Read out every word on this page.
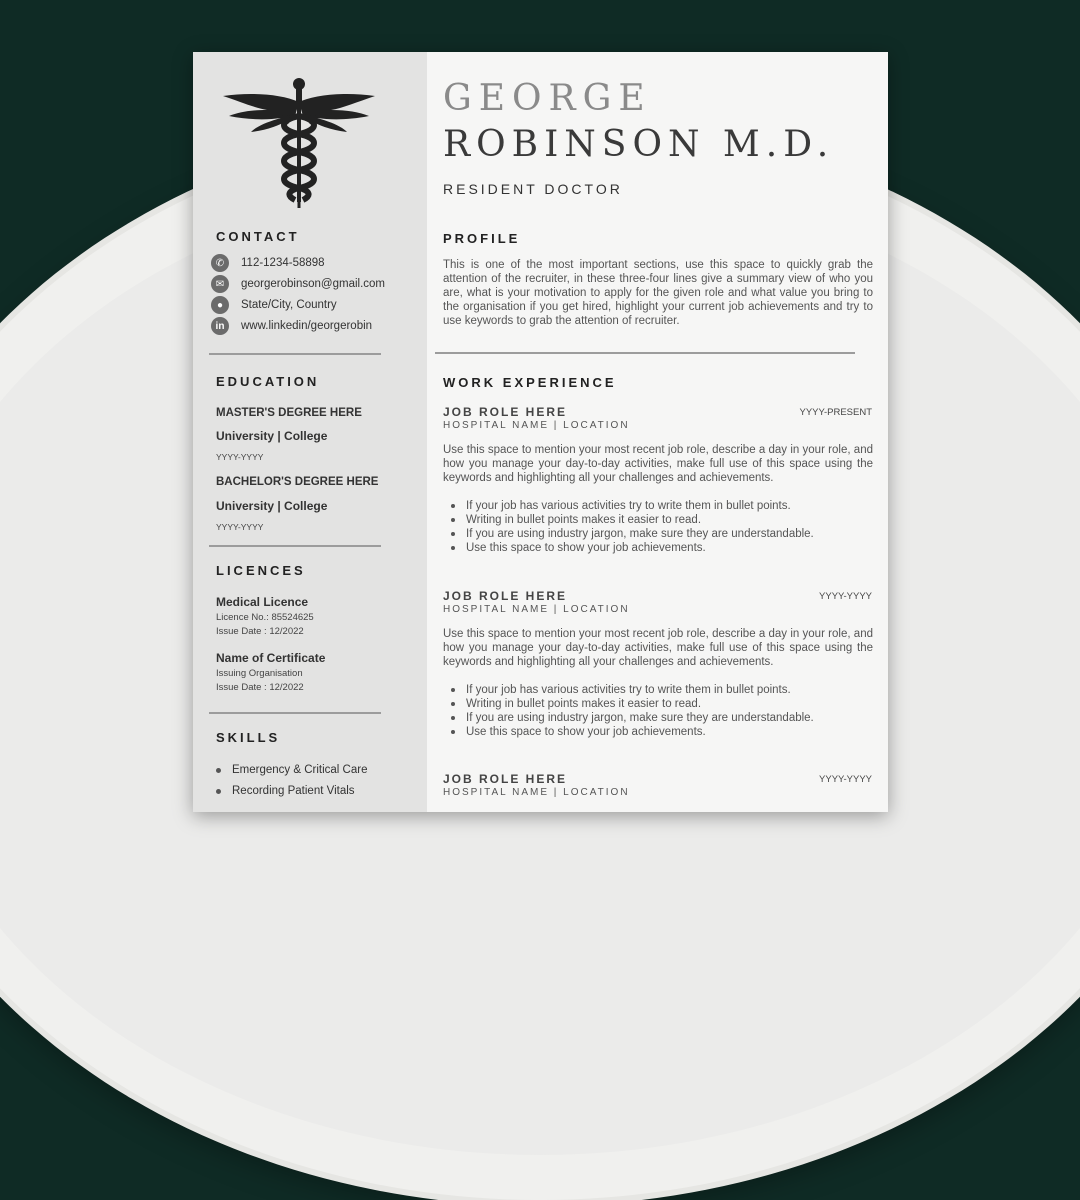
CONTACT
✆	112-1234-58898
✉	georgerobinson@gmail.com
●	State/City, Country
in	www.linkedin/georgerobin
EDUCATION
MASTER'S DEGREE HERE
University | College
YYYY-YYYY
BACHELOR'S DEGREE HERE
University | College
YYYY-YYYY
LICENCES
Medical Licence
Licence No.: 85524625
Issue Date : 12/2022
Name of Certificate
Issuing Organisation
Issue Date : 12/2022
SKILLS
Emergency & Critical Care
Recording Patient Vitals
GEORGE
ROBINSON M.D.
RESIDENT DOCTOR
PROFILE
This is one of the most important sections, use this space to quickly grab the attention of the recruiter, in these three-four lines give a summary view of who you are, what is your motivation to apply for the given role and what value you bring to the organisation if you get hired, highlight your current job achievements and try to use keywords to grab the attention of recruiter.
WORK EXPERIENCE
JOB ROLE HERE	YYYY-PRESENT
HOSPITAL NAME | LOCATION
Use this space to mention your most recent job role, describe a day in your role, and how you manage your day-to-day activities, make full use of this space using the keywords and highlighting all your challenges and achievements.
If your job has various activities try to write them in bullet points.
Writing in bullet points makes it easier to read.
If you are using industry jargon, make sure they are understandable.
Use this space to show your job achievements.
JOB ROLE HERE	YYYY-YYYY
HOSPITAL NAME | LOCATION
Use this space to mention your most recent job role, describe a day in your role, and how you manage your day-to-day activities, make full use of this space using the keywords and highlighting all your challenges and achievements.
If your job has various activities try to write them in bullet points.
Writing in bullet points makes it easier to read.
If you are using industry jargon, make sure they are understandable.
Use this space to show your job achievements.
JOB ROLE HERE	YYYY-YYYY
HOSPITAL NAME | LOCATION
